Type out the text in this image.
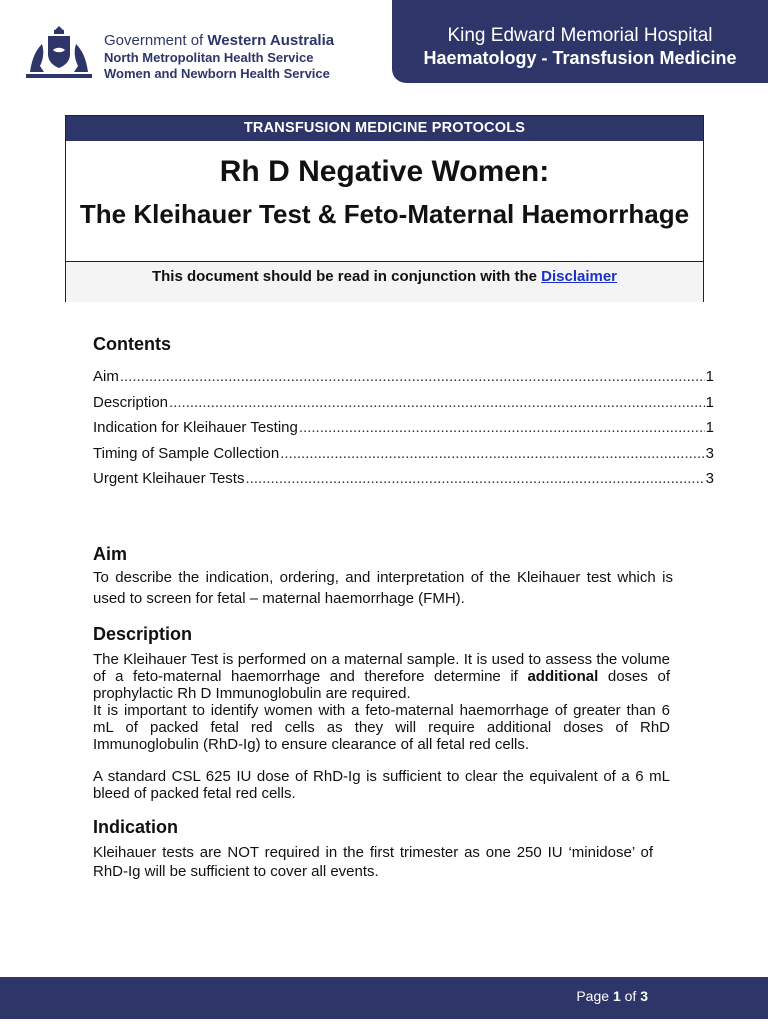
Government of Western Australia
North Metropolitan Health Service
Women and Newborn Health Service
King Edward Memorial Hospital
Haematology - Transfusion Medicine
TRANSFUSION MEDICINE PROTOCOLS
Rh D Negative Women:
The Kleihauer Test & Feto-Maternal Haemorrhage
This document should be read in conjunction with the Disclaimer
Contents
Aim .....	1
Description .....	1
Indication for Kleihauer Testing .....	1
Timing of Sample Collection .....	3
Urgent Kleihauer Tests .....	3
Aim
To describe the indication, ordering, and interpretation of the Kleihauer test which is used to screen for fetal – maternal haemorrhage (FMH).
Description
The Kleihauer Test is performed on a maternal sample. It is used to assess the volume of a feto-maternal haemorrhage and therefore determine if additional doses of prophylactic Rh D Immunoglobulin are required.
It is important to identify women with a feto-maternal haemorrhage of greater than 6 mL of packed fetal red cells as they will require additional doses of RhD Immunoglobulin (RhD-Ig) to ensure clearance of all fetal red cells.
A standard CSL 625 IU dose of RhD-Ig is sufficient to clear the equivalent of a 6 mL bleed of packed fetal red cells.
Indication
Kleihauer tests are NOT required in the first trimester as one 250 IU ‘minidose’ of RhD-Ig will be sufficient to cover all events.
Page 1 of 3
